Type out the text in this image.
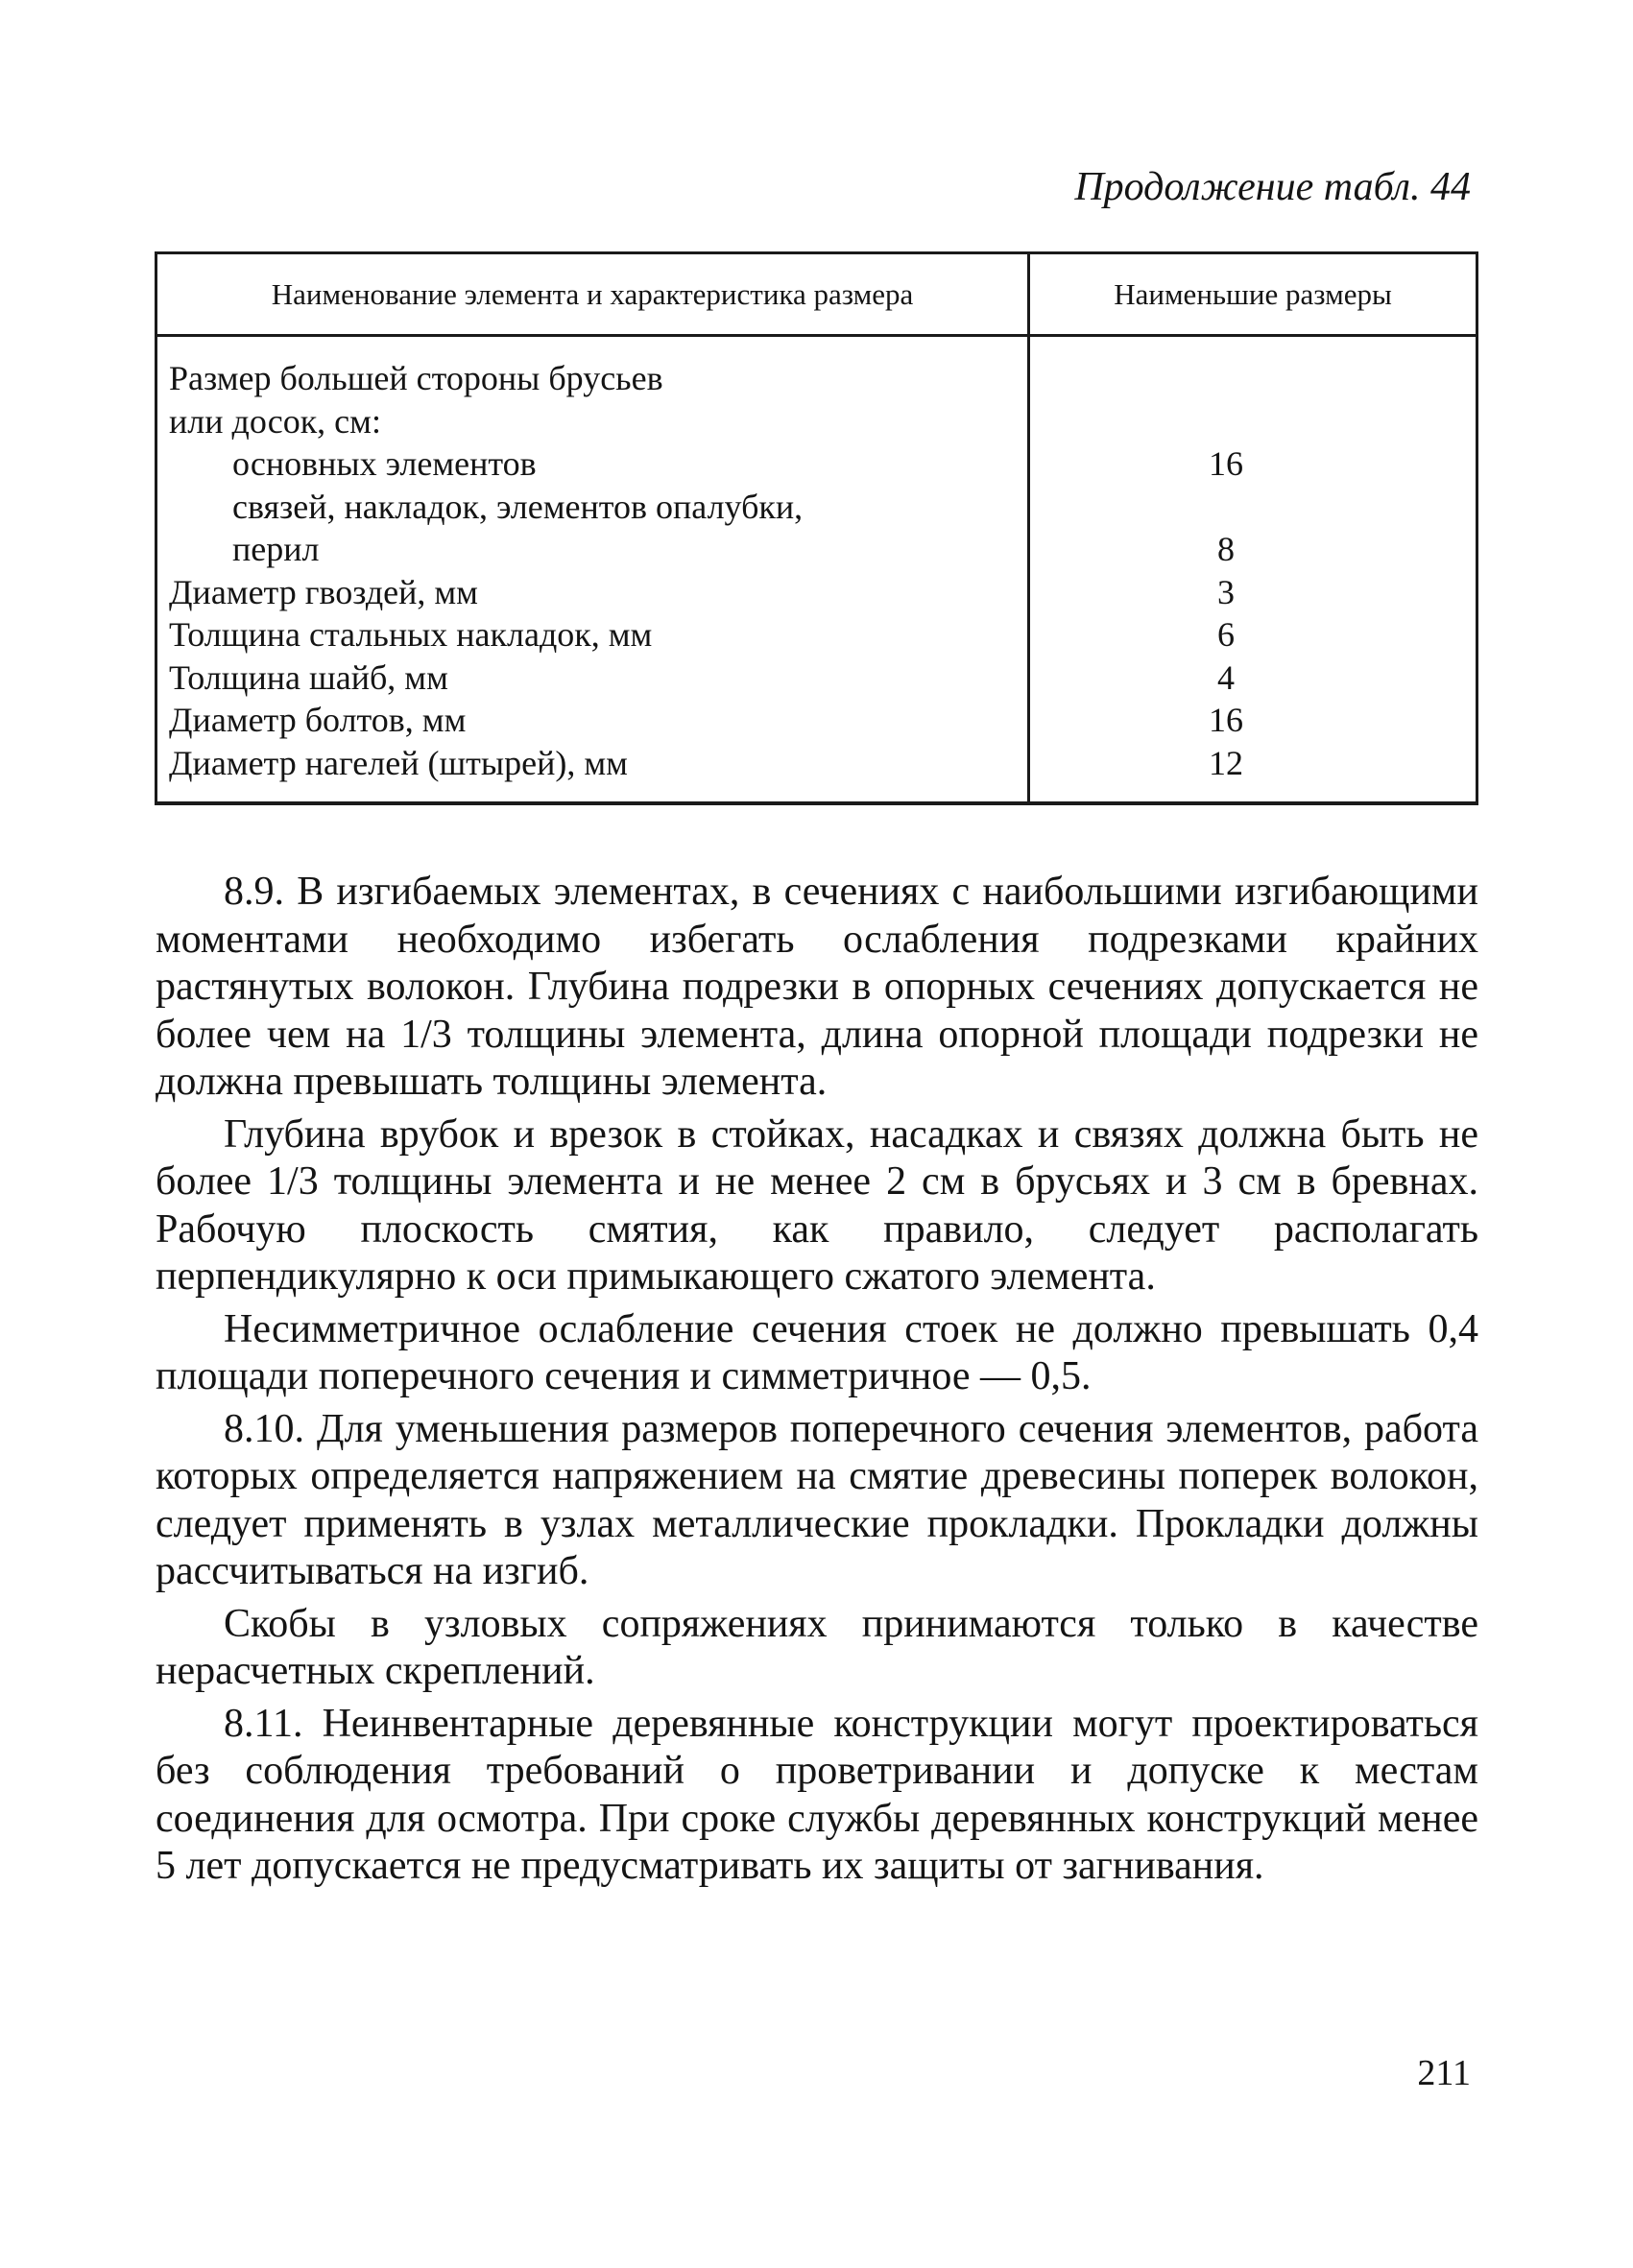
Продолжение табл. 44
Наименование элемента и характеристика размера	Наименьшие размеры
Размер большей стороны брусьев
или досок, см:
основных элементов	16
связей, накладок, элементов опалубки,
перил	8
Диаметр гвоздей, мм	3
Толщина стальных накладок, мм	6
Толщина шайб, мм	4
Диаметр болтов, мм	16
Диаметр нагелей (штырей), мм	12

8.9. В изгибаемых элементах, в сечениях с наибольшими изгибающими моментами необходимо избегать ослабления подрезками крайних растянутых волокон. Глубина подрезки в опорных сечениях допускается не более чем на 1/3 толщины элемента, длина опорной площади подрезки не должна превышать толщины элемента.

Глубина врубок и врезок в стойках, насадках и связях должна быть не более 1/3 толщины элемента и не менее 2 см в брусьях и 3 см в бревнах. Рабочую плоскость смятия, как правило, следует располагать перпендикулярно к оси примыкающего сжатого элемента.

Несимметричное ослабление сечения стоек не должно превышать 0,4 площади поперечного сечения и симметричное — 0,5.

8.10. Для уменьшения размеров поперечного сечения элементов, работа которых определяется напряжением на смятие древесины поперек волокон, следует применять в узлах металлические прокладки. Прокладки должны рассчитываться на изгиб.

Скобы в узловых сопряжениях принимаются только в качестве нерасчетных скреплений.

8.11. Неинвентарные деревянные конструкции могут проектироваться без соблюдения требований о проветривании и допуске к местам соединения для осмотра. При сроке службы деревянных конструкций менее 5 лет допускается не предусматривать их защиты от загнивания.

211
